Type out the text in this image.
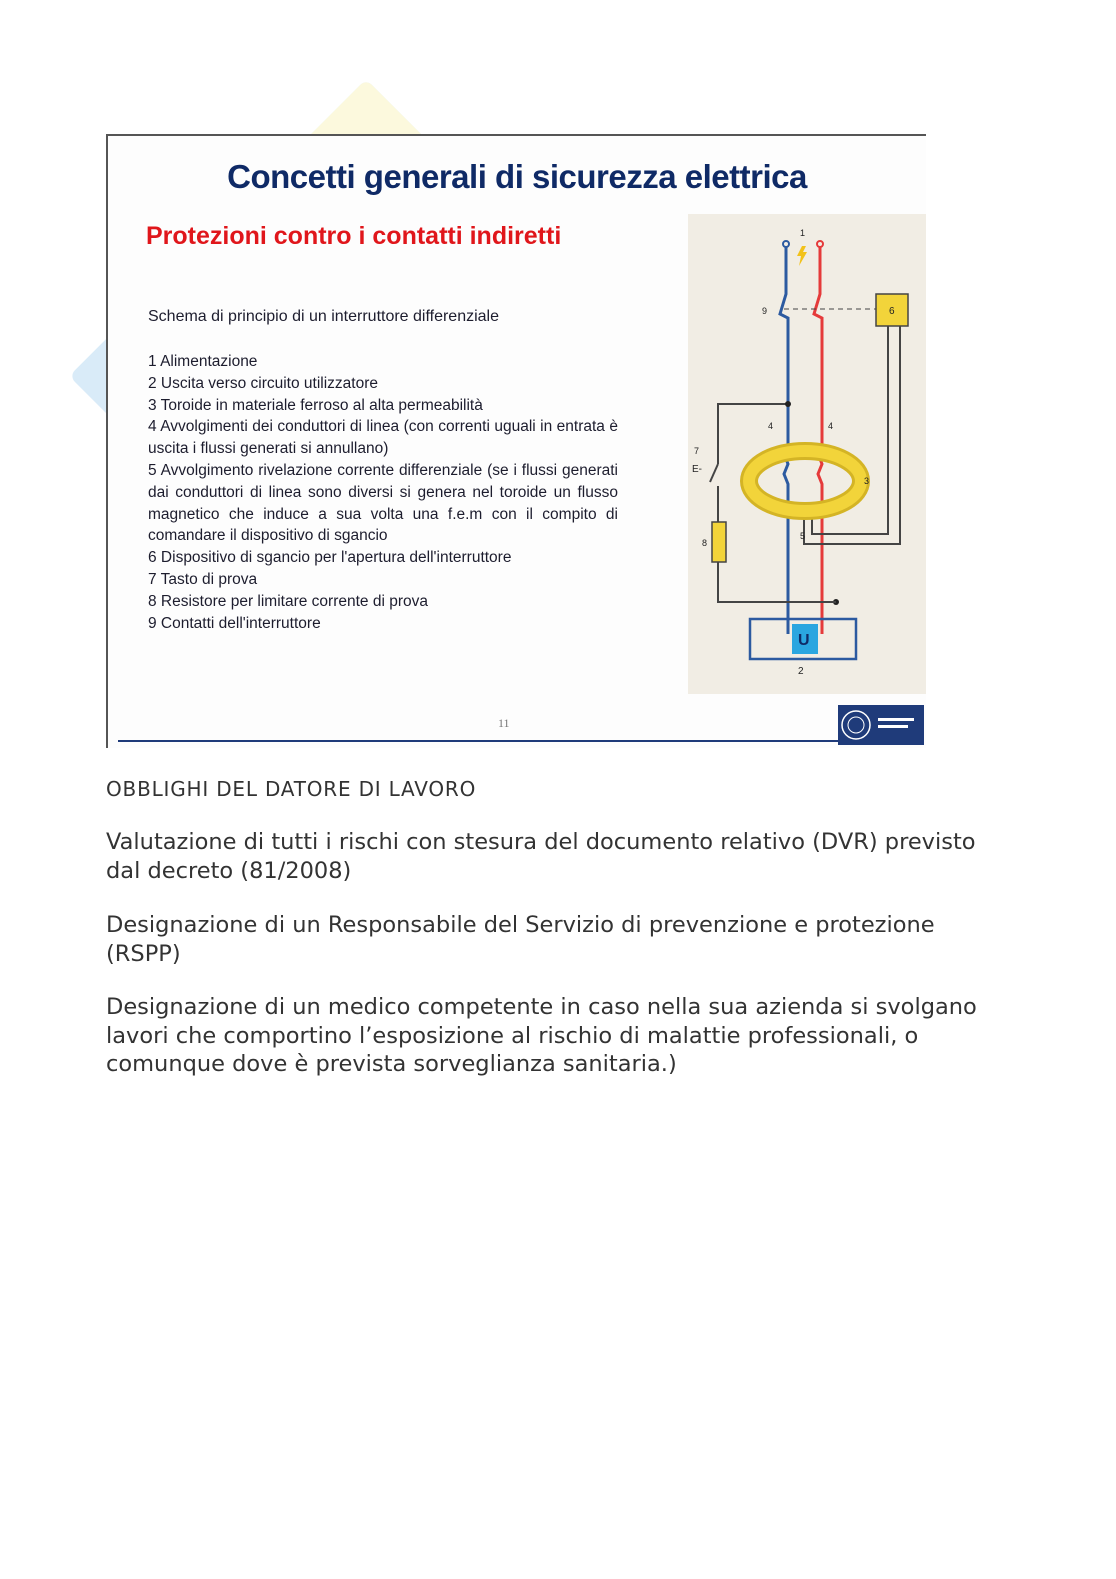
Concetti generali di sicurezza elettrica
Protezioni contro i contatti indiretti

Schema di principio di un interruttore differenziale

1 Alimentazione
2 Uscita verso circuito utilizzatore
3 Toroide in materiale ferroso al alta permeabilità
4 Avvolgimenti dei conduttori di linea (con correnti uguali in entrata è uscita i flussi generati si annullano)
5 Avvolgimento rivelazione corrente differenziale (se i flussi generati dai conduttori di linea sono diversi si genera nel toroide un flusso magnetico che induce a sua volta una f.e.m con il compito di comandare il dispositivo di sgancio
6 Dispositivo di sgancio per l'apertura dell'interruttore
7 Tasto di prova
8 Resistore per limitare corrente di prova
9 Contatti dell'interruttore
1
2
3
4	4
5
6
7
E-
8
9
U

11

OBBLIGHI DEL DATORE DI LAVORO

Valutazione di tutti i rischi con stesura del documento relativo (DVR) previsto dal decreto (81/2008)

Designazione di un Responsabile del Servizio di prevenzione e protezione (RSPP)

Designazione di un medico competente in caso nella sua azienda si svolgano lavori che comportino l’esposizione al rischio di malattie professionali, o comunque dove è prevista sorveglianza sanitaria.)
